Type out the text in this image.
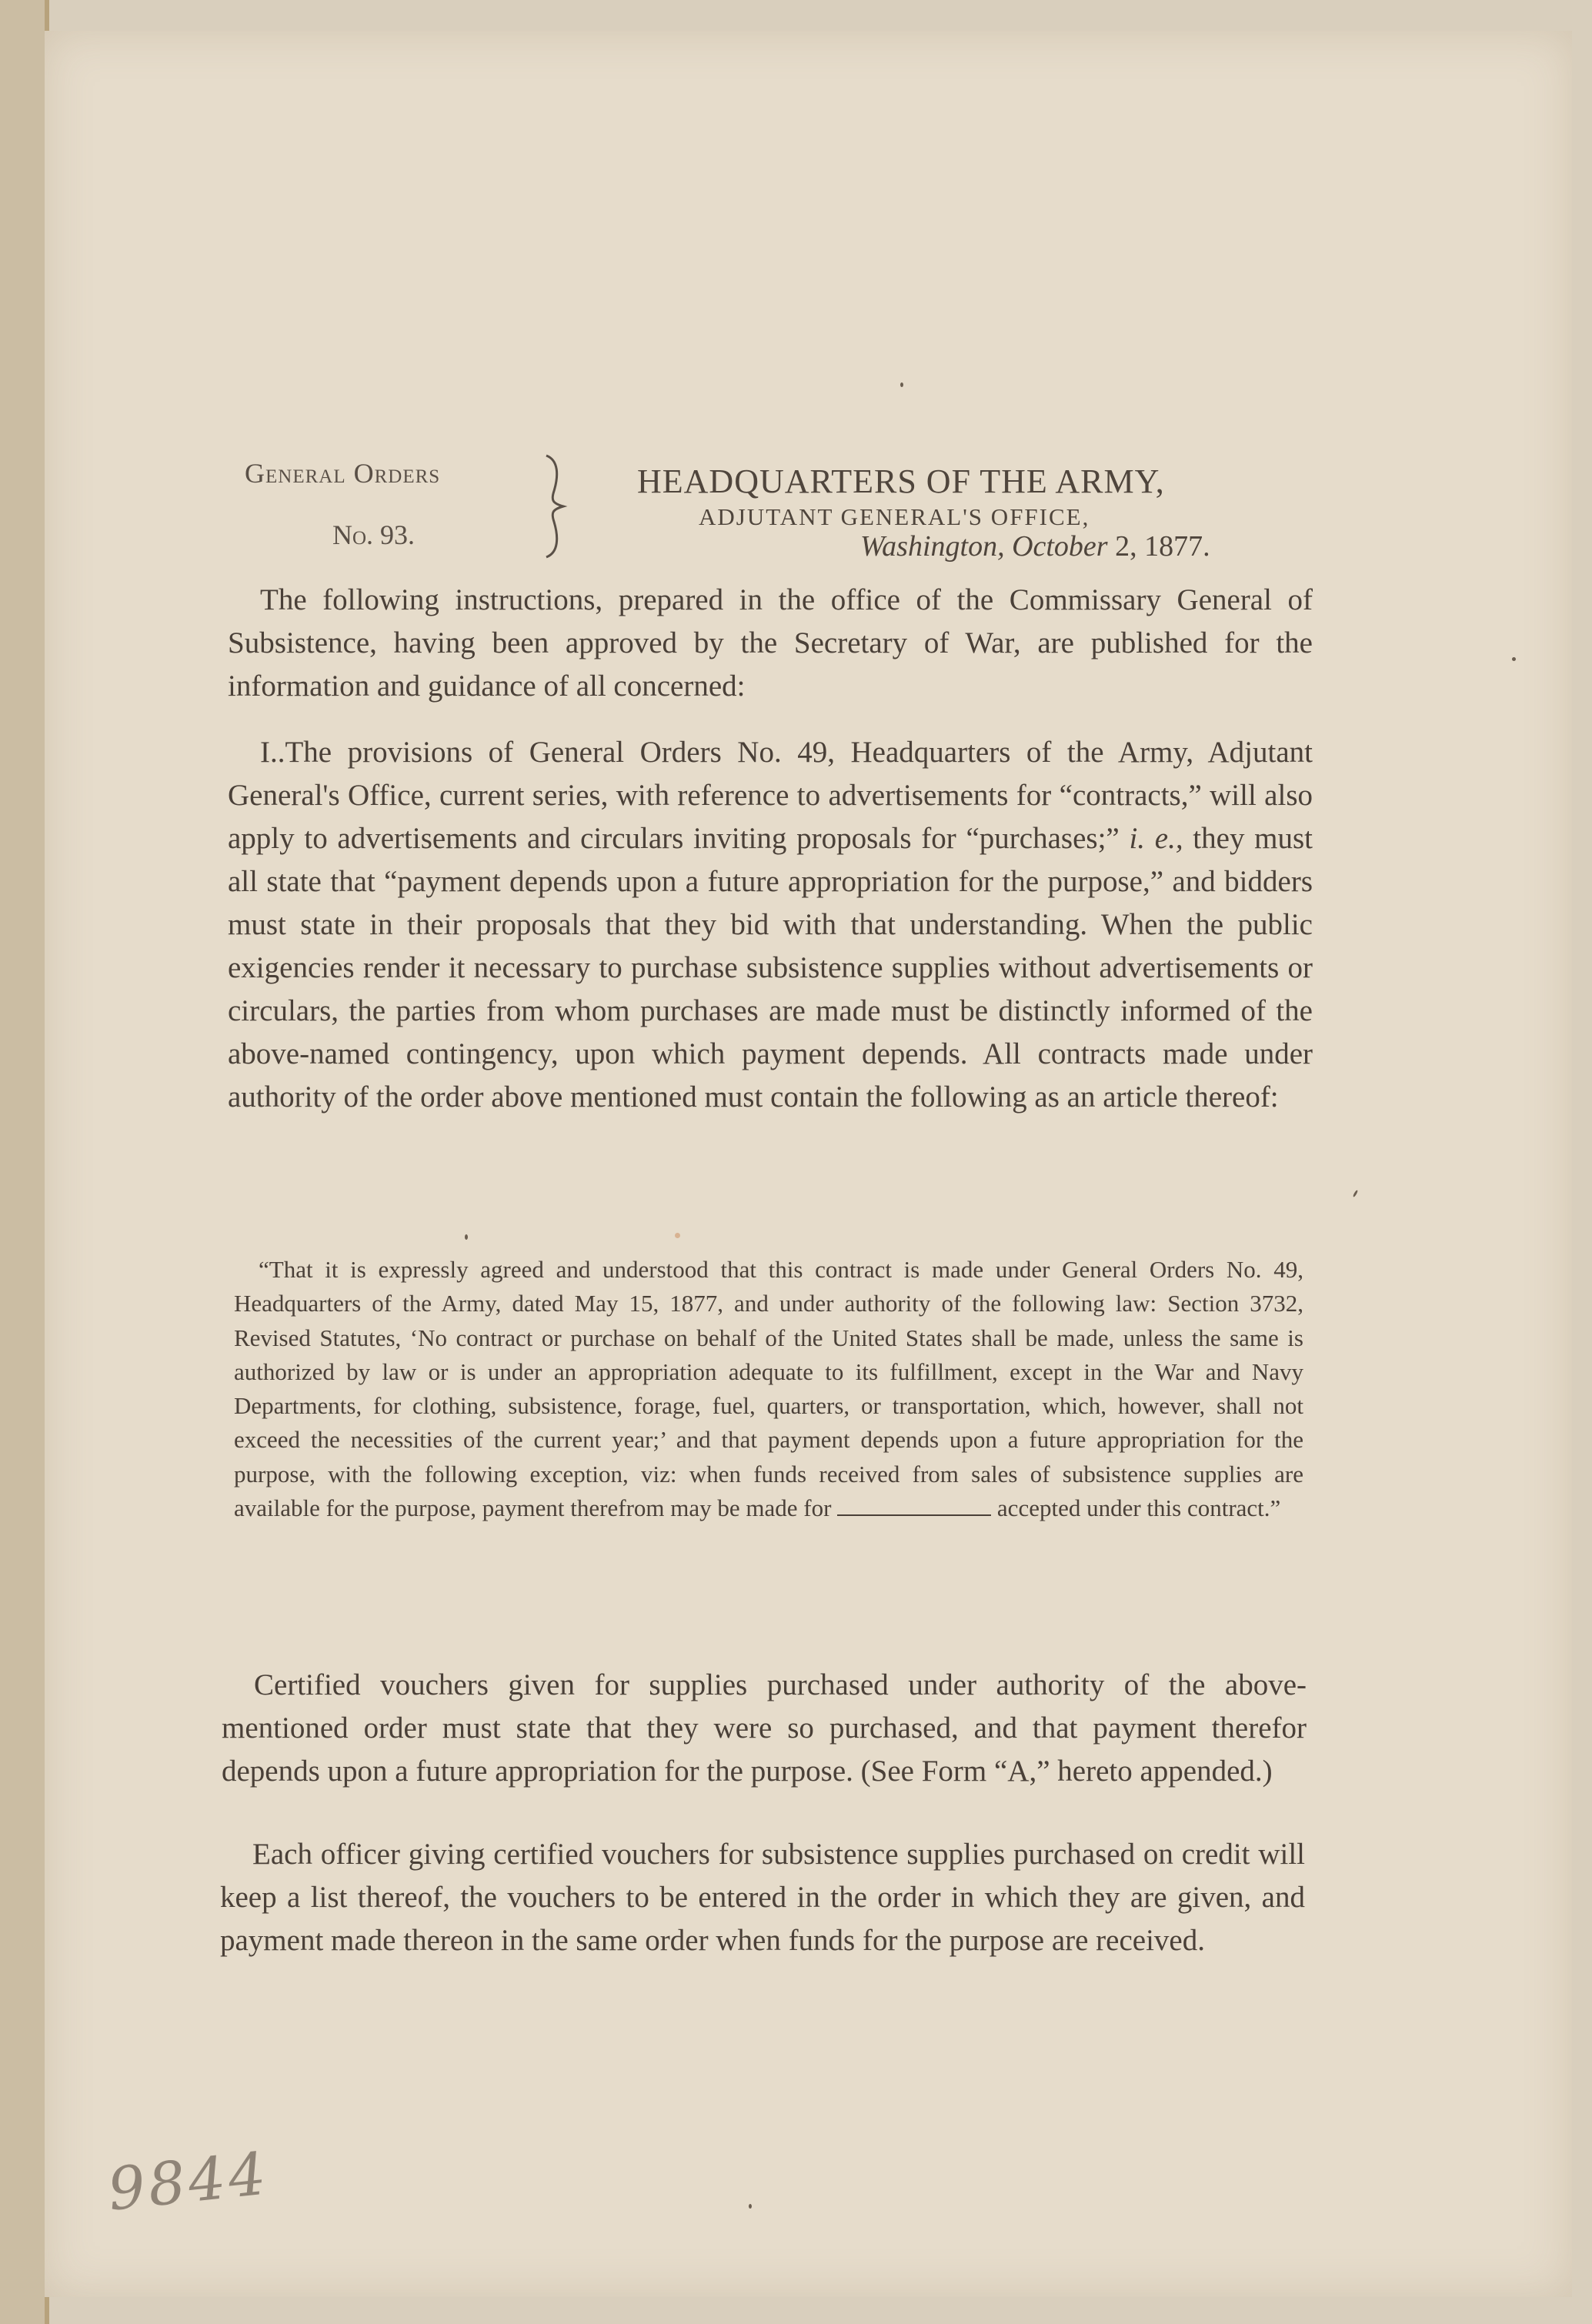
General Orders
No. 93.
HEADQUARTERS OF THE ARMY,
ADJUTANT GENERAL'S OFFICE,
Washington, October 2, 1877.

The following instructions, prepared in the office of the Commissary General of Subsistence, having been approved by the Secretary of War, are published for the information and guidance of all concerned:

I..The provisions of General Orders No. 49, Headquarters of the Army, Adjutant General's Office, current series, with reference to advertisements for “contracts,” will also apply to advertisements and circulars inviting proposals for “purchases;” i. e., they must all state that “payment depends upon a future appropriation for the purpose,” and bidders must state in their proposals that they bid with that understanding. When the public exigencies render it necessary to purchase subsistence supplies without advertisements or circulars, the parties from whom purchases are made must be distinctly informed of the above-named contingency, upon which payment depends. All contracts made under authority of the order above mentioned must contain the following as an article thereof:

“That it is expressly agreed and understood that this contract is made under General Orders No. 49, Headquarters of the Army, dated May 15, 1877, and under authority of the following law: Section 3732, Revised Statutes, ‘No contract or purchase on behalf of the United States shall be made, unless the same is authorized by law or is under an appropriation adequate to its fulfillment, except in the War and Navy Departments, for clothing, subsistence, forage, fuel, quarters, or transportation, which, however, shall not exceed the necessities of the current year;’ and that payment depends upon a future appropriation for the purpose, with the following exception, viz: when funds received from sales of subsistence supplies are available for the purpose, payment therefrom may be made for	accepted under this contract.”

Certified vouchers given for supplies purchased under authority of the above-mentioned order must state that they were so purchased, and that payment therefor depends upon a future appropriation for the purpose. (See Form “A,” hereto appended.)

Each officer giving certified vouchers for subsistence supplies purchased on credit will keep a list thereof, the vouchers to be entered in the order in which they are given, and payment made thereon in the same order when funds for the purpose are received.

9844
